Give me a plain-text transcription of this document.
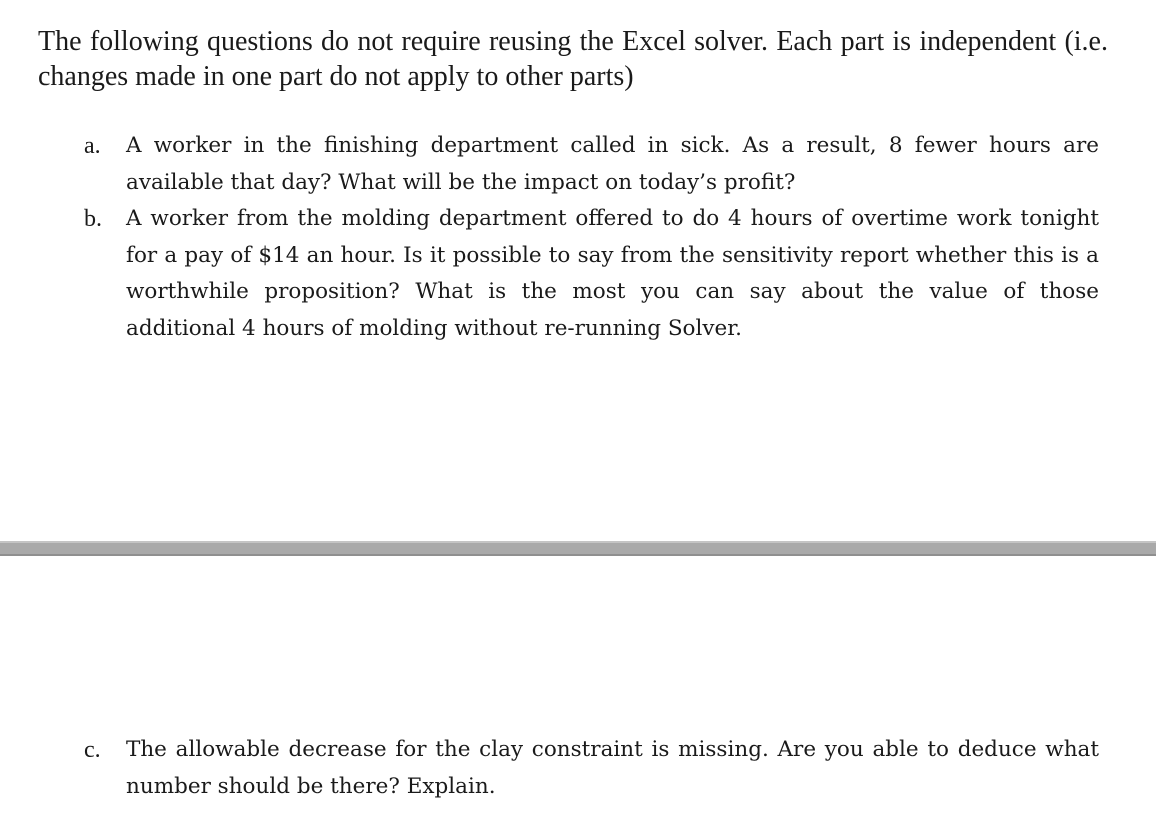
The following questions do not require reusing the Excel solver. Each part is independent (i.e. changes made in one part do not apply to other parts)

a. A worker in the finishing department called in sick. As a result, 8 fewer hours are available that day? What will be the impact on today’s profit?
b. A worker from the molding department offered to do 4 hours of overtime work tonight for a pay of $14 an hour. Is it possible to say from the sensitivity report whether this is a worthwhile proposition? What is the most you can say about the value of those additional 4 hours of molding without re-running Solver.
c. The allowable decrease for the clay constraint is missing. Are you able to deduce what number should be there? Explain.
